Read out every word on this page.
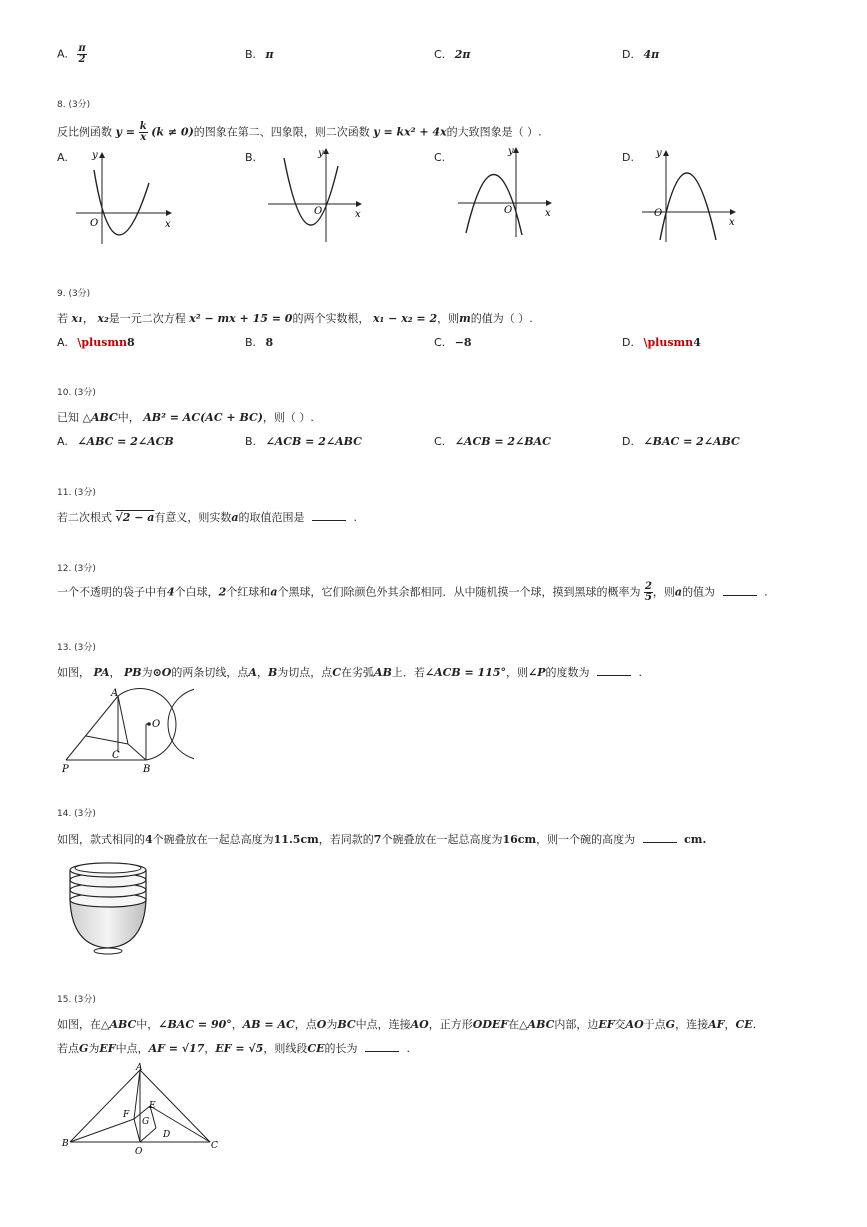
A. $\frac{\pi}{2}$	B. π	C. 2π	D. 4π
8. (3分)
反比例函数 $y = \frac{k}{x} (k \ne 0)$的图象在第二、四象限，则二次函数 y = kx² + 4x的大致图象是（ ）.
A.	B.	C.	D.
y
O	x
y
O	x
y
O	x
y
O
x
9. (3分)
若 x₁， x₂是一元二次方程 x² − mx + 15 = 0的两个实数根， x₁ − x₂ = 2，则m的值为（ ）.
A. \plusmn8	B. 8	C. −8	D. \plusmn4
10. (3分)
已知 △ABC中， AB² = AC(AC + BC)，则（ ）.
A. ∠ABC = 2∠ACB	B. ∠ACB = 2∠ABC	C. ∠ACB = 2∠BAC	D. ∠BAC = 2∠ABC
11. (3分)
若二次根式 √2 − a有意义，则实数a的取值范围是	.
12. (3分)
一个不透明的袋子中有4个白球，2个红球和a个黑球，它们除颜色外其余都相同．从中随机摸一个球，摸到黑球的概率为 $\frac{2}{5}$ ，则a的值为	.
13. (3分)
如图， PA， PB为⊙O的两条切线，点A，B为切点，点C在劣弧AB上．若∠ACB = 115°，则∠P的度数为	.
A
O
C
P	B
14. (3分)
如图，款式相同的4个碗叠放在一起总高度为11.5cm，若同款的7个碗叠放在一起总高度为16cm，则一个碗的高度为	cm.
15. (3分)
如图，在△ABC中，∠BAC = 90°，AB = AC，点O为BC中点，连接AO，正方形ODEF在△ABC内部，边EF交AO于点G，连接AF，CE.
若点G为EF中点，AF = √17，EF = √5，则线段CE的长为	.
A
F
E
G
D
B
O
C
